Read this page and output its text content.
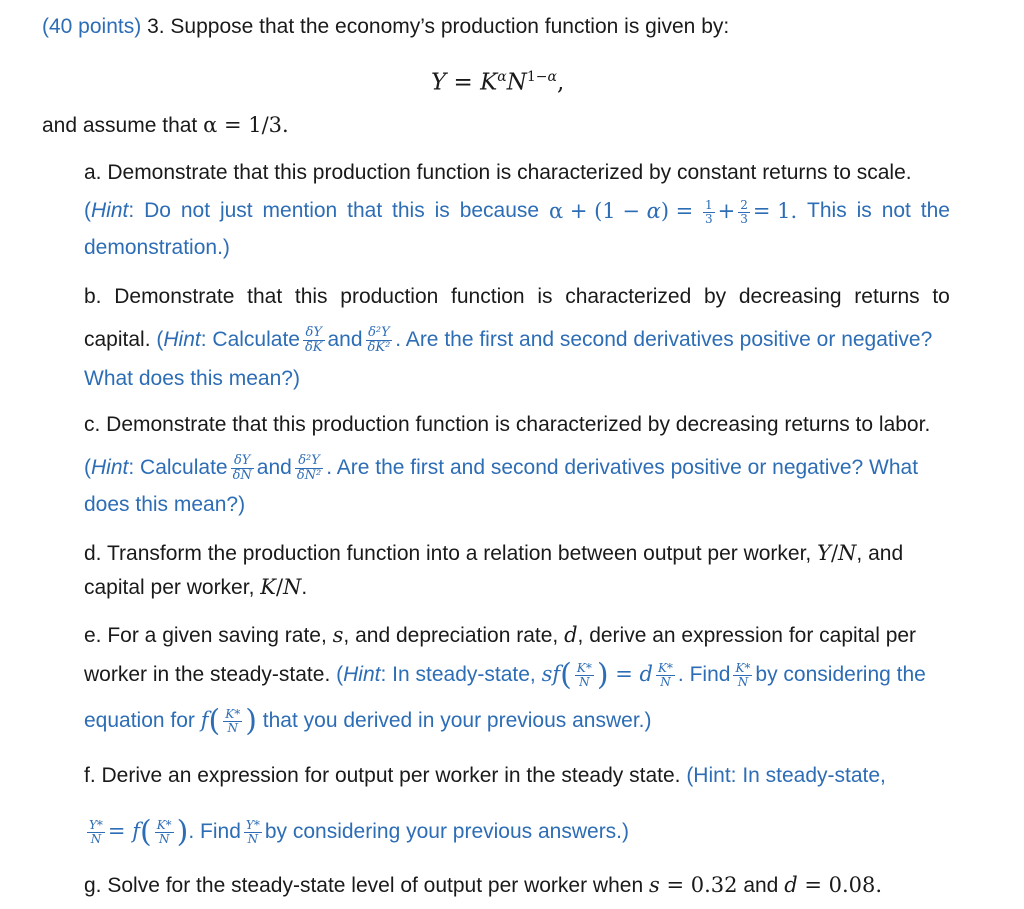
(40 points) 3. Suppose that the economy’s production function is given by:
$Y = K^\alpha N^{1-\alpha}$,
and assume that α = 1/3.
a. Demonstrate that this production function is characterized by constant returns to scale.
(Hint: Do not just mention that this is because $\alpha + (1 - \alpha) = \frac{1}{3} + \frac{2}{3} = 1$. This is not the
demonstration.)
b. Demonstrate that this production function is characterized by decreasing returns to
capital. (Hint: Calculate $\frac{\delta Y}{\delta K}$ and $\frac{\text{δ²Y}}{\text{δK²}}$ . Are the first and second derivatives positive or negative?
What does this mean?)
c. Demonstrate that this production function is characterized by decreasing returns to labor.
(Hint: Calculate $\frac{\delta Y}{\delta N}$ and $\frac{\text{δ²Y}}{\text{δN²}}$ . Are the first and second derivatives positive or negative? What
does this mean?)
d. Transform the production function into a relation between output per worker, Y/N, and
capital per worker, K/N.
e. For a given saving rate, s, and depreciation rate, d, derive an expression for capital per
worker in the steady-state. (Hint: In steady-state, $sf( \frac{K*}{N}$ ) = d $\frac{K*}{N}$ . Find $\frac{K*}{N}$ by considering the
equation for $f( \frac{K*}{N}$ ) that you derived in your previous answer.)
f. Derive an expression for output per worker in the steady state. (Hint: In steady-state,
$\frac{Y*}{N} = f( \frac{K*}{N}$ ). Find $\frac{Y*}{N}$ by considering your previous answers.)
g. Solve for the steady-state level of output per worker when s = 0.32 and d = 0.08.
